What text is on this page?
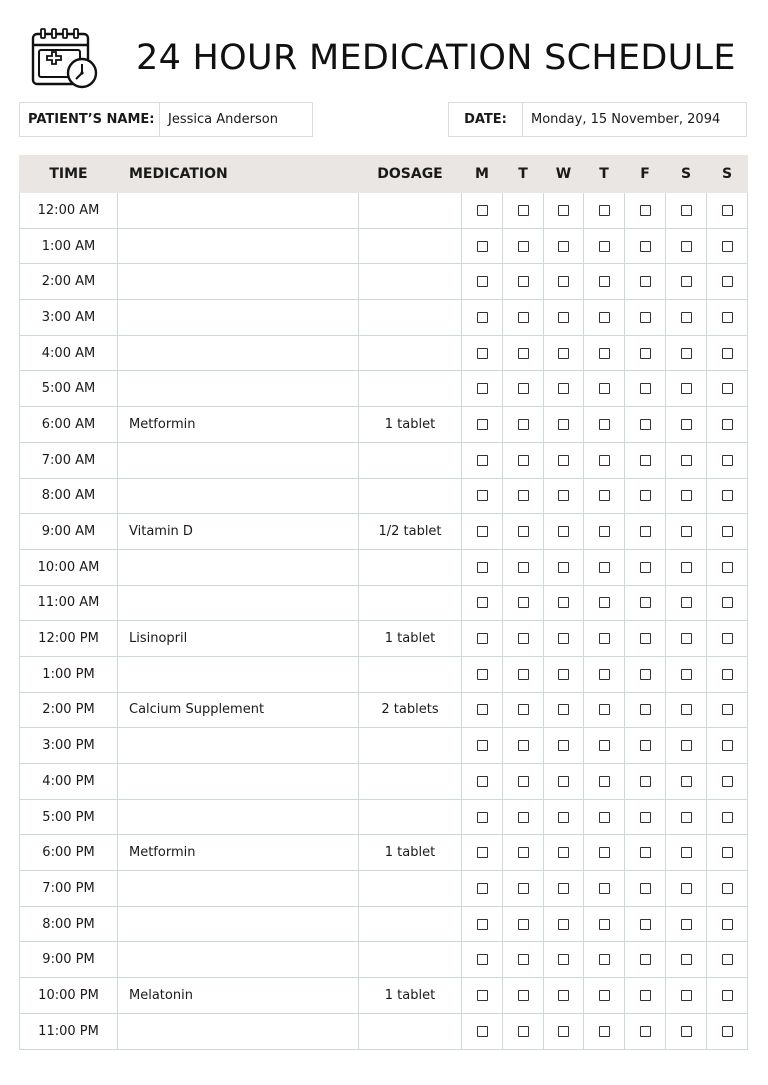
24 HOUR MEDICATION SCHEDULE
PATIENT’S NAME:	Jessica Anderson	DATE:	Monday, 15 November, 2094
TIME	MEDICATION	DOSAGE	M	T	W	T	F	S	S
12:00 AM									
1:00 AM									
2:00 AM									
3:00 AM									
4:00 AM									
5:00 AM									
6:00 AM	Metformin	1 tablet							
7:00 AM									
8:00 AM									
9:00 AM	Vitamin D	1/2 tablet							
10:00 AM									
11:00 AM									
12:00 PM	Lisinopril	1 tablet							
1:00 PM									
2:00 PM	Calcium Supplement	2 tablets							
3:00 PM									
4:00 PM									
5:00 PM									
6:00 PM	Metformin	1 tablet							
7:00 PM									
8:00 PM									
9:00 PM									
10:00 PM	Melatonin	1 tablet							
11:00 PM									
